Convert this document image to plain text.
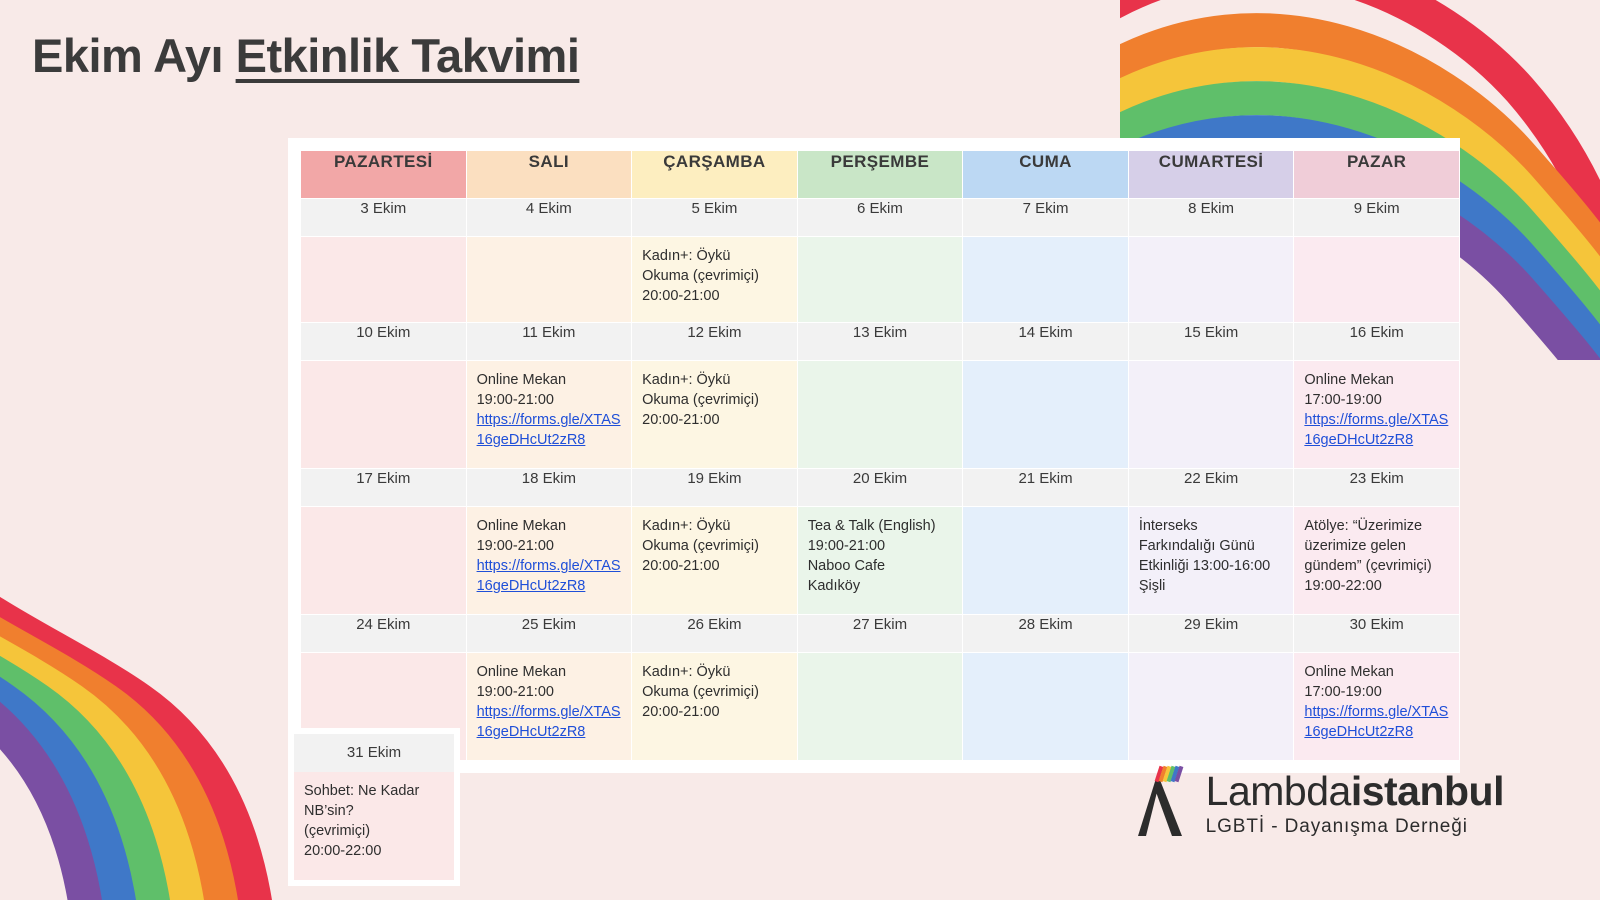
Ekim Ayı Etkinlik Takvimi
PAZARTESİ	SALI	ÇARŞAMBA	PERŞEMBE	CUMA	CUMARTESİ	PAZAR
3 Ekim	4 Ekim	5 Ekim	6 Ekim	7 Ekim	8 Ekim	9 Ekim

		Kadın+: Öykü
Okuma (çevrimiçi)
20:00-21:00				

10 Ekim	11 Ekim	12 Ekim	13 Ekim	14 Ekim	15 Ekim	16 Ekim

	Online Mekan
19:00-21:00
https://forms.gle/XTAS16geDHcUt2zR8	Kadın+: Öykü
Okuma (çevrimiçi)
20:00-21:00				Online Mekan
17:00-19:00
https://forms.gle/XTAS16geDHcUt2zR8

17 Ekim	18 Ekim	19 Ekim	20 Ekim	21 Ekim	22 Ekim	23 Ekim

	Online Mekan
19:00-21:00
https://forms.gle/XTAS16geDHcUt2zR8	Kadın+: Öykü
Okuma (çevrimiçi)
20:00-21:00	Tea & Talk (English)
19:00-21:00
Naboo Cafe
Kadıköy		İnterseks
Farkındalığı Günü
Etkinliği 13:00-16:00
Şişli	Atölye: “Üzerimize
üzerimize gelen
gündem” (çevrimiçi)
19:00-22:00

24 Ekim	25 Ekim	26 Ekim	27 Ekim	28 Ekim	29 Ekim	30 Ekim

	Online Mekan
19:00-21:00
https://forms.gle/XTAS16geDHcUt2zR8	Kadın+: Öykü
Okuma (çevrimiçi)
20:00-21:00				Online Mekan
17:00-19:00
https://forms.gle/XTAS16geDHcUt2zR8
31 Ekim
Sohbet: Ne Kadar
NB’sin?
(çevrimiçi)
20:00-22:00
Lambdaistanbul
LGBTİ - Dayanışma Derneği
